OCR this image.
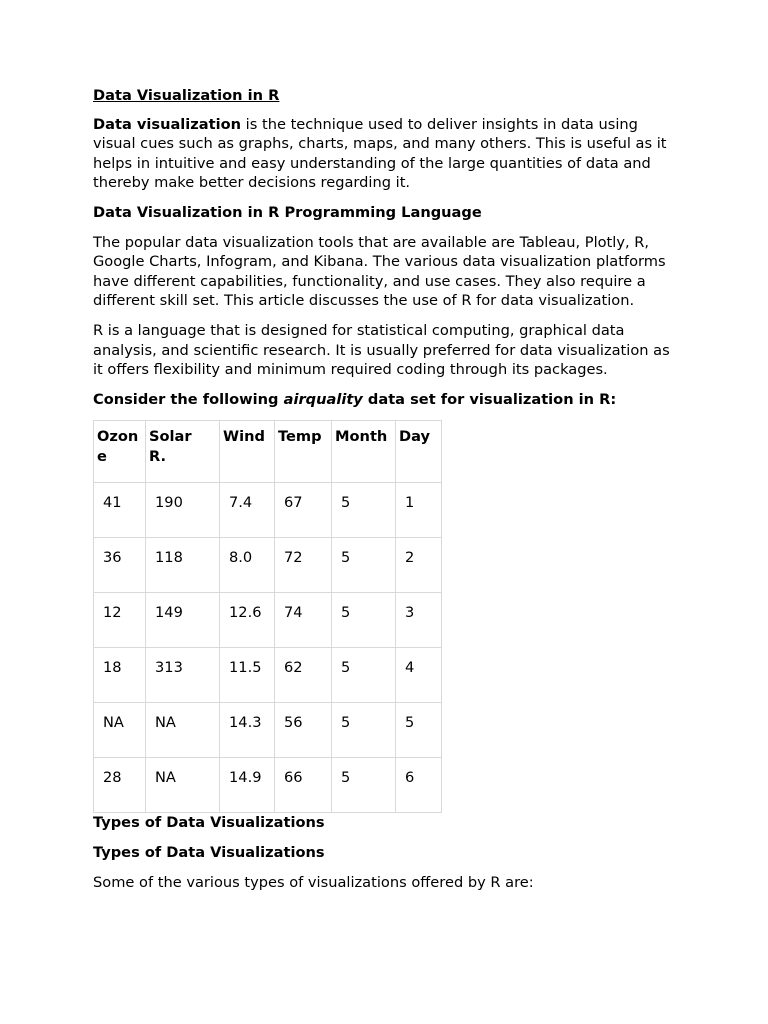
Data Visualization in R

Data visualization is the technique used to deliver insights in data using visual cues such as graphs, charts, maps, and many others. This is useful as it helps in intuitive and easy understanding of the large quantities of data and thereby make better decisions regarding it.

Data Visualization in R Programming Language

The popular data visualization tools that are available are Tableau, Plotly, R, Google Charts, Infogram, and Kibana. The various data visualization platforms have different capabilities, functionality, and use cases. They also require a different skill set. This article discusses the use of R for data visualization.

R is a language that is designed for statistical computing, graphical data analysis, and scientific research. It is usually preferred for data visualization as it offers flexibility and minimum required coding through its packages.

Consider the following airquality data set for visualization in R:
Ozone	Solar R.	Wind	Temp	Month	Day
41	190	7.4	67	5	1
36	118	8.0	72	5	2
12	149	12.6	74	5	3
18	313	11.5	62	5	4
NA	NA	14.3	56	5	5
28	NA	14.9	66	5	6
Types of Data Visualizations
Types of Data Visualizations

Some of the various types of visualizations offered by R are:
